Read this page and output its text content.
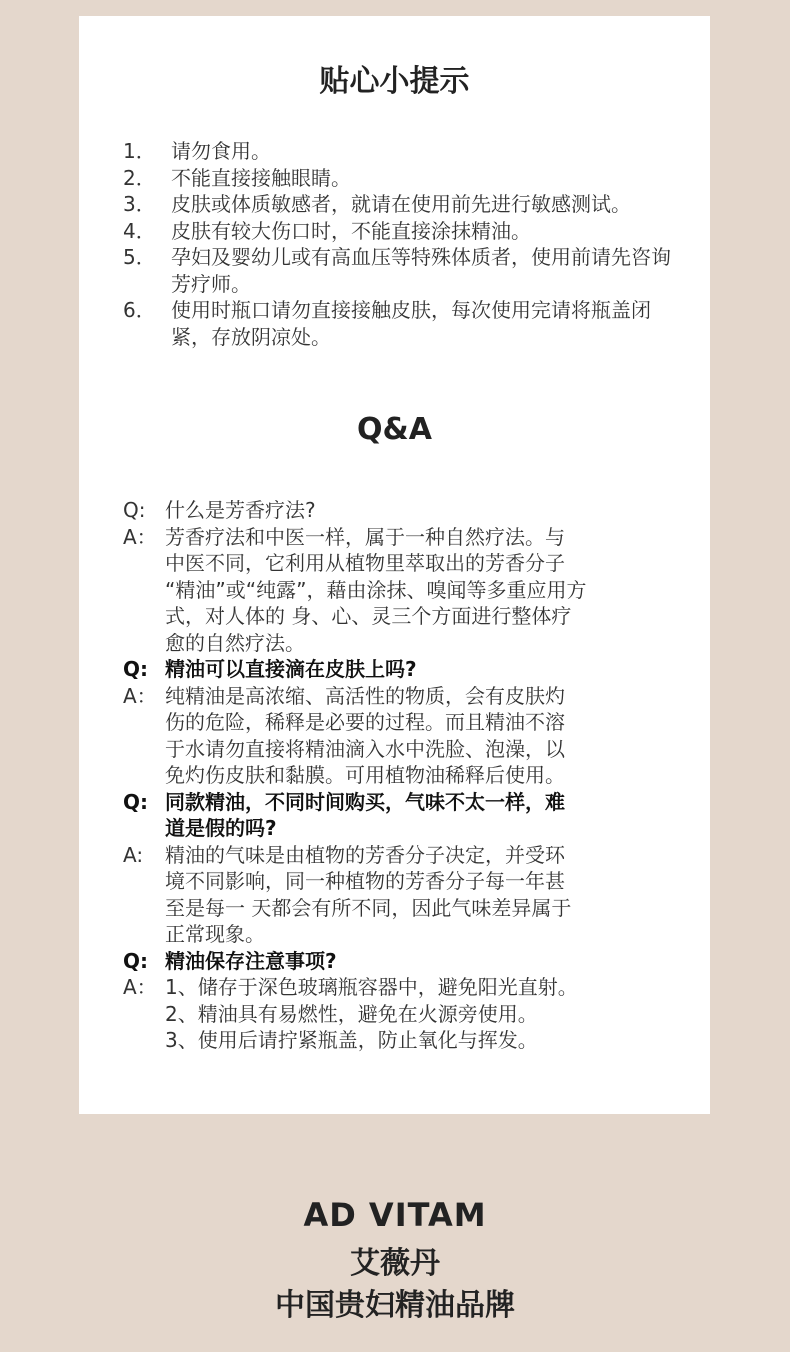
贴心小提示
1． 请勿食用。
2． 不能直接接触眼睛。
3． 皮肤或体质敏感者，就请在使用前先进行敏感测试。
4． 皮肤有较大伤口时，不能直接涂抹精油。
5． 孕妇及婴幼儿或有高血压等特殊体质者，使用前请先咨询芳疗师。
6． 使用时瓶口请勿直接接触皮肤，每次使用完请将瓶盖闭紧，存放阴凉处。
Q&A
Q: 什么是芳香疗法?
A： 芳香疗法和中医一样，属于一种自然疗法。与
中医不同，它利用从植物里萃取出的芳香分子
“精油”或“纯露”，藉由涂抹、嗅闻等多重应用方
式，对人体的 身、心、灵三个方面进行整体疗
愈的自然疗法。
Q: 精油可以直接滴在皮肤上吗?
A： 纯精油是高浓缩、高活性的物质，会有皮肤灼
伤的危险，稀释是必要的过程。而且精油不溶
于水请勿直接将精油滴入水中洗脸、泡澡，以
免灼伤皮肤和黏膜。可用植物油稀释后使用。
Q: 同款精油，不同时间购买，气味不太一样，难
道是假的吗?
A:	精油的气味是由植物的芳香分子决定，并受环
境不同影响，同一种植物的芳香分子每一年甚
至是每一 天都会有所不同，因此气味差异属于
正常现象。
Q: 精油保存注意事项?
A： 1、储存于深色玻璃瓶容器中，避免阳光直射。
2、精油具有易燃性，避免在火源旁使用。
3、使用后请拧紧瓶盖，防止氧化与挥发。
AD VITAM
艾薇丹
中国贵妇精油品牌
